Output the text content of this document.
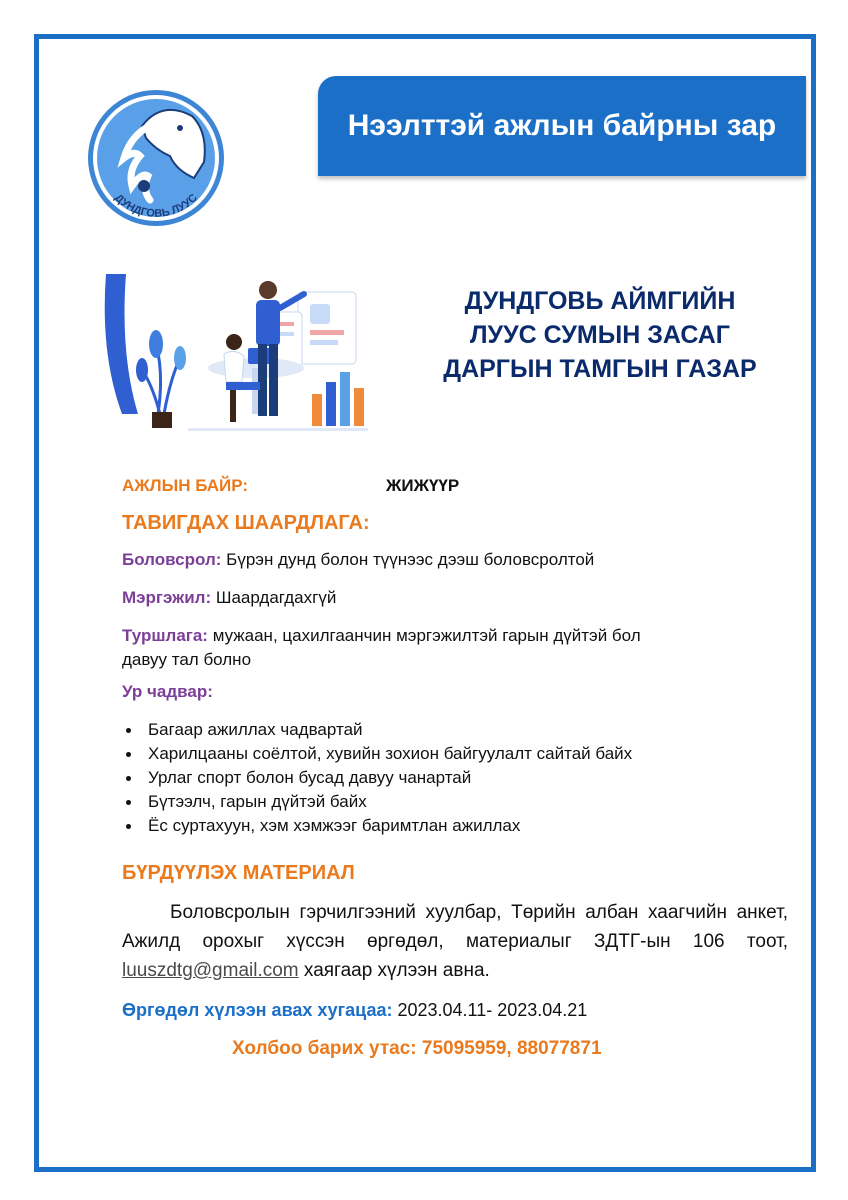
Нээлттэй ажлын байрны зар
ДУНДГОВЬ ЛУУС
ДУНДГОВЬ АЙМГИЙН
ЛУУС СУМЫН ЗАСАГ
ДАРГЫН ТАМГЫН ГАЗАР
АЖЛЫН БАЙР:	ЖИЖҮҮР
ТАВИГДАХ ШААРДЛАГА:
Боловсрол: Бүрэн дунд болон түүнээс дээш боловсролтой
Мэргэжил: Шаардагдахгүй
Туршлага: мужаан, цахилгаанчин мэргэжилтэй гарын дүйтэй бол
давуу тал болно
Ур чадвар:
Багаар ажиллах чадвартай
Харилцааны соёлтой, хувийн зохион байгуулалт сайтай байх
Урлаг спорт болон бусад давуу чанартай
Бүтээлч, гарын дүйтэй байх
Ёс суртахуун, хэм хэмжээг баримтлан ажиллах
БҮРДҮҮЛЭХ МАТЕРИАЛ
Боловсролын гэрчилгээний хуулбар, Төрийн албан хаагчийн анкет, Ажилд орохыг хүссэн өргөдөл, материалыг ЗДТГ-ын 106 тоот, luuszdtg@gmail.com хаягаар хүлээн авна.
Өргөдөл хүлээн авах хугацаа: 2023.04.11- 2023.04.21
Холбоо барих утас: 75095959, 88077871
